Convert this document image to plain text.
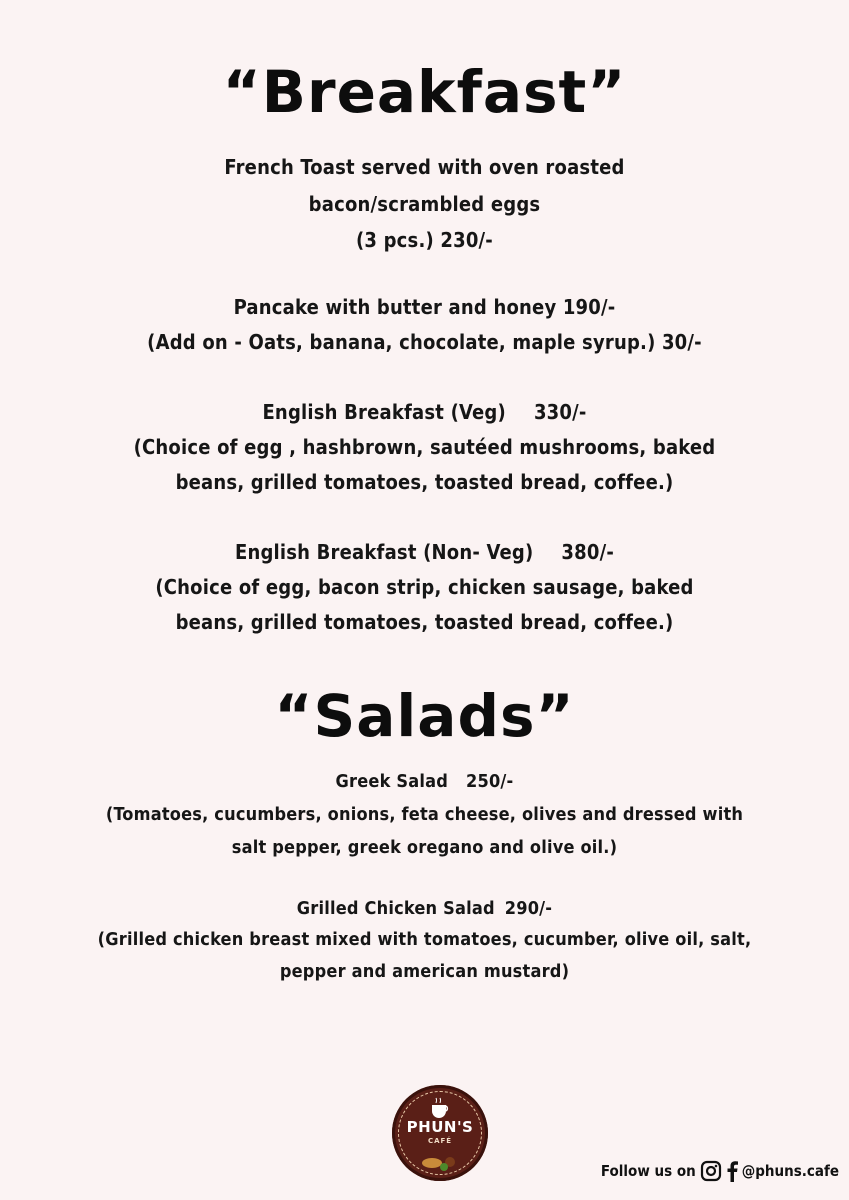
“Breakfast”
French Toast served with oven roasted
bacon/scrambled eggs
(3 pcs.) 230/-
Pancake with butter and honey 190/-
(Add on - Oats, banana, chocolate, maple syrup.) 30/-
English Breakfast (Veg) 330/-
(Choice of egg , hashbrown, sautéed mushrooms, baked
beans, grilled tomatoes, toasted bread, coffee.)
English Breakfast (Non- Veg) 380/-
(Choice of egg, bacon strip, chicken sausage, baked
beans, grilled tomatoes, toasted bread, coffee.)
“Salads”
Greek Salad 250/-
(Tomatoes, cucumbers, onions, feta cheese, olives and dressed with
salt pepper, greek oregano and olive oil.)
Grilled Chicken Salad 290/-
(Grilled chicken breast mixed with tomatoes, cucumber, olive oil, salt,
pepper and american mustard)
PHUN'S
CAFÉ
Follow us on	@phuns.cafe
